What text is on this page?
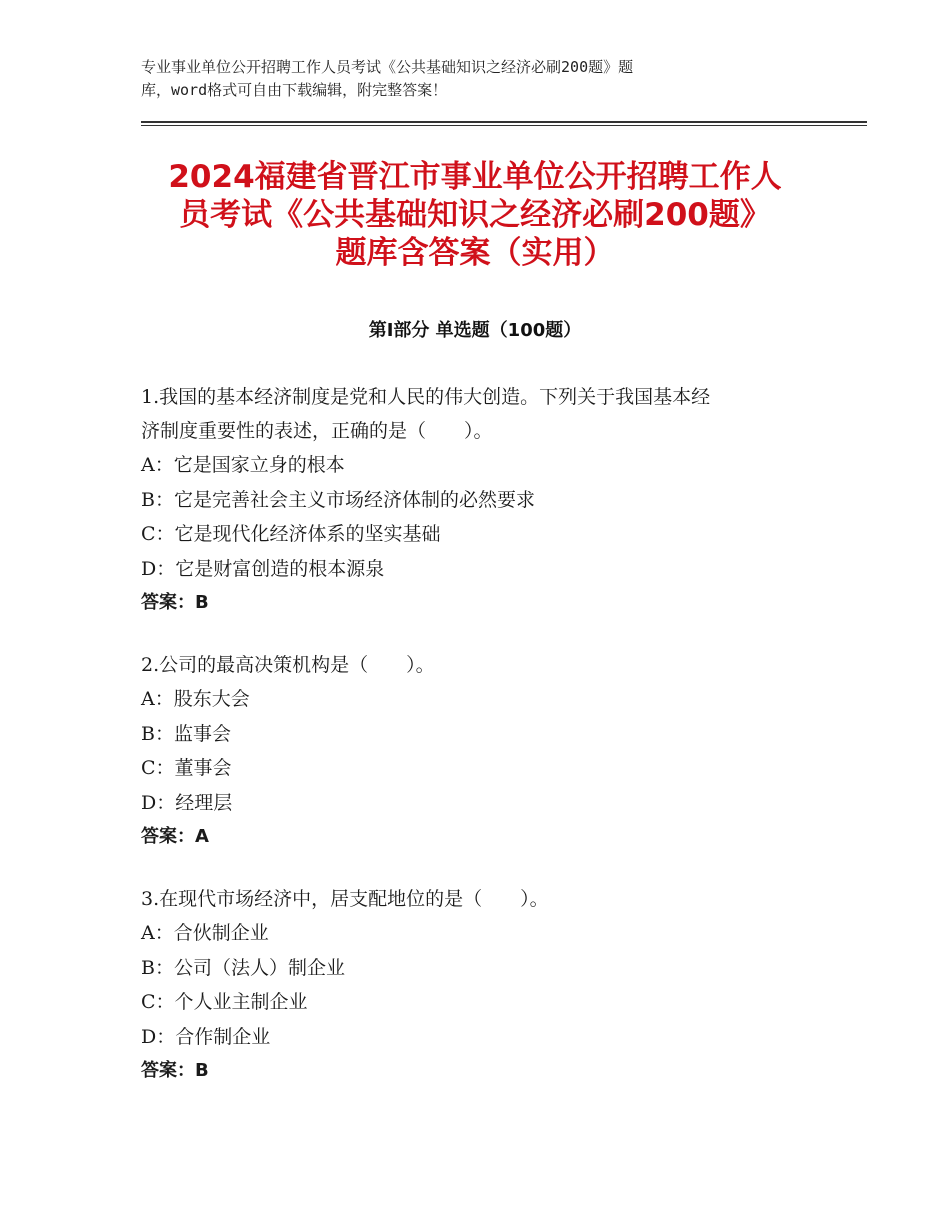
专业事业单位公开招聘工作人员考试《公共基础知识之经济必刷200题》题
库，word格式可自由下载编辑，附完整答案！
2024福建省晋江市事业单位公开招聘工作人
员考试《公共基础知识之经济必刷200题》
题库含答案（实用）
第Ⅰ部分 单选题（100题）
1.我国的基本经济制度是党和人民的伟大创造。下列关于我国基本经
济制度重要性的表述，正确的是（　　）。
A：它是国家立身的根本
B：它是完善社会主义市场经济体制的必然要求
C：它是现代化经济体系的坚实基础
D：它是财富创造的根本源泉
答案：B
2.公司的最高决策机构是（　　）。
A：股东大会
B：监事会
C：董事会
D：经理层
答案：A
3.在现代市场经济中，居支配地位的是（　　）。
A：合伙制企业
B：公司（法人）制企业
C：个人业主制企业
D：合作制企业
答案：B
